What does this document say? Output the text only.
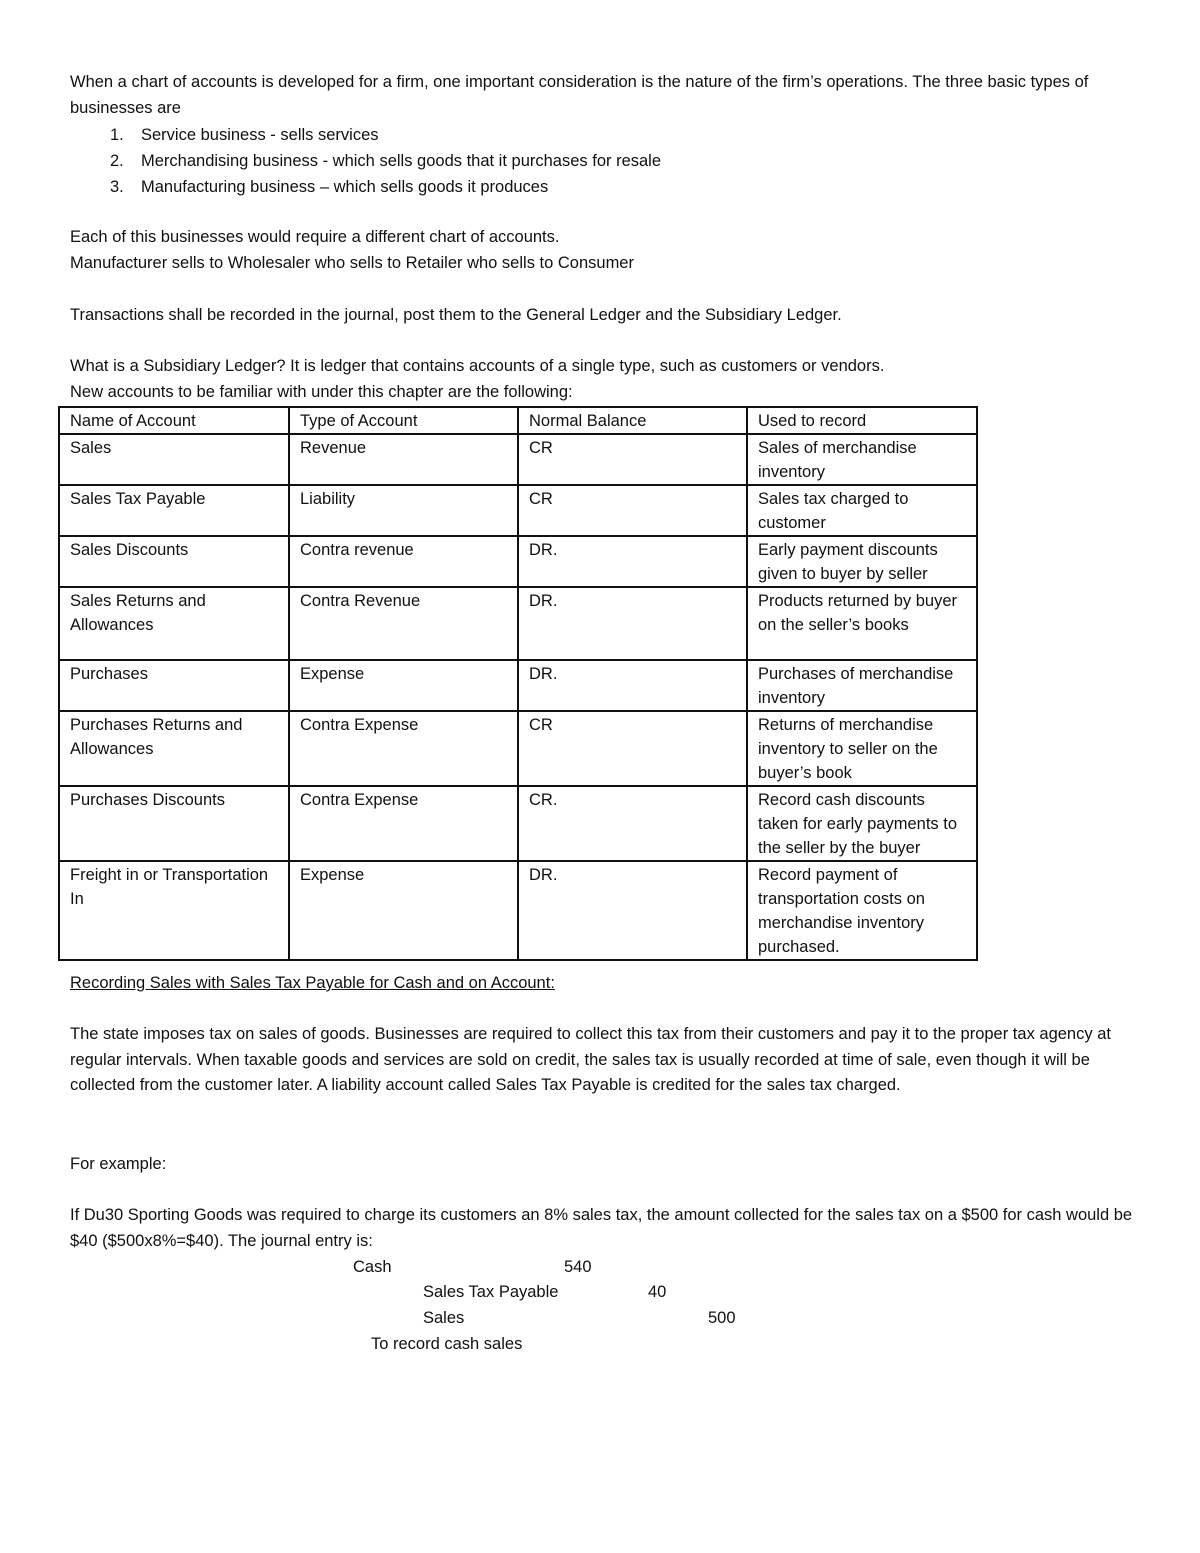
When a chart of accounts is developed for a firm, one important consideration is the nature of the firm’s operations. The three basic types of businesses are
1. Service business - sells services
2. Merchandising business - which sells goods that it purchases for resale
3. Manufacturing business – which sells goods it produces
Each of this businesses would require a different chart of accounts.
Manufacturer sells to Wholesaler who sells to Retailer who sells to Consumer
Transactions shall be recorded in the journal, post them to the General Ledger and the Subsidiary Ledger.
What is a Subsidiary Ledger? It is ledger that contains accounts of a single type, such as customers or vendors.
New accounts to be familiar with under this chapter are the following:
Name of Account	Type of Account	Normal Balance	Used to record
Sales	Revenue	CR	Sales of merchandise inventory
Sales Tax Payable	Liability	CR	Sales tax charged to customer
Sales Discounts	Contra revenue	DR.	Early payment discounts given to buyer by seller
Sales Returns and Allowances	Contra Revenue	DR.	Products returned by buyer on the seller’s books
Purchases	Expense	DR.	Purchases of merchandise inventory
Purchases Returns and Allowances	Contra Expense	CR	Returns of merchandise inventory to seller on the buyer’s book
Purchases Discounts	Contra Expense	CR.	Record cash discounts taken for early payments to the seller by the buyer
Freight in or Transportation In	Expense	DR.	Record payment of transportation costs on merchandise inventory purchased.
Recording Sales with Sales Tax Payable for Cash and on Account:
The state imposes tax on sales of goods. Businesses are required to collect this tax from their customers and pay it to the proper tax agency at regular intervals. When taxable goods and services are sold on credit, the sales tax is usually recorded at time of sale, even though it will be collected from the customer later. A liability account called Sales Tax Payable is credited for the sales tax charged.
For example:
If Du30 Sporting Goods was required to charge its customers an 8% sales tax, the amount collected for the sales tax on a $500 for cash would be $40 ($500x8%=$40). The journal entry is:
Cash	540
Sales Tax Payable	40
Sales	500
To record cash sales
